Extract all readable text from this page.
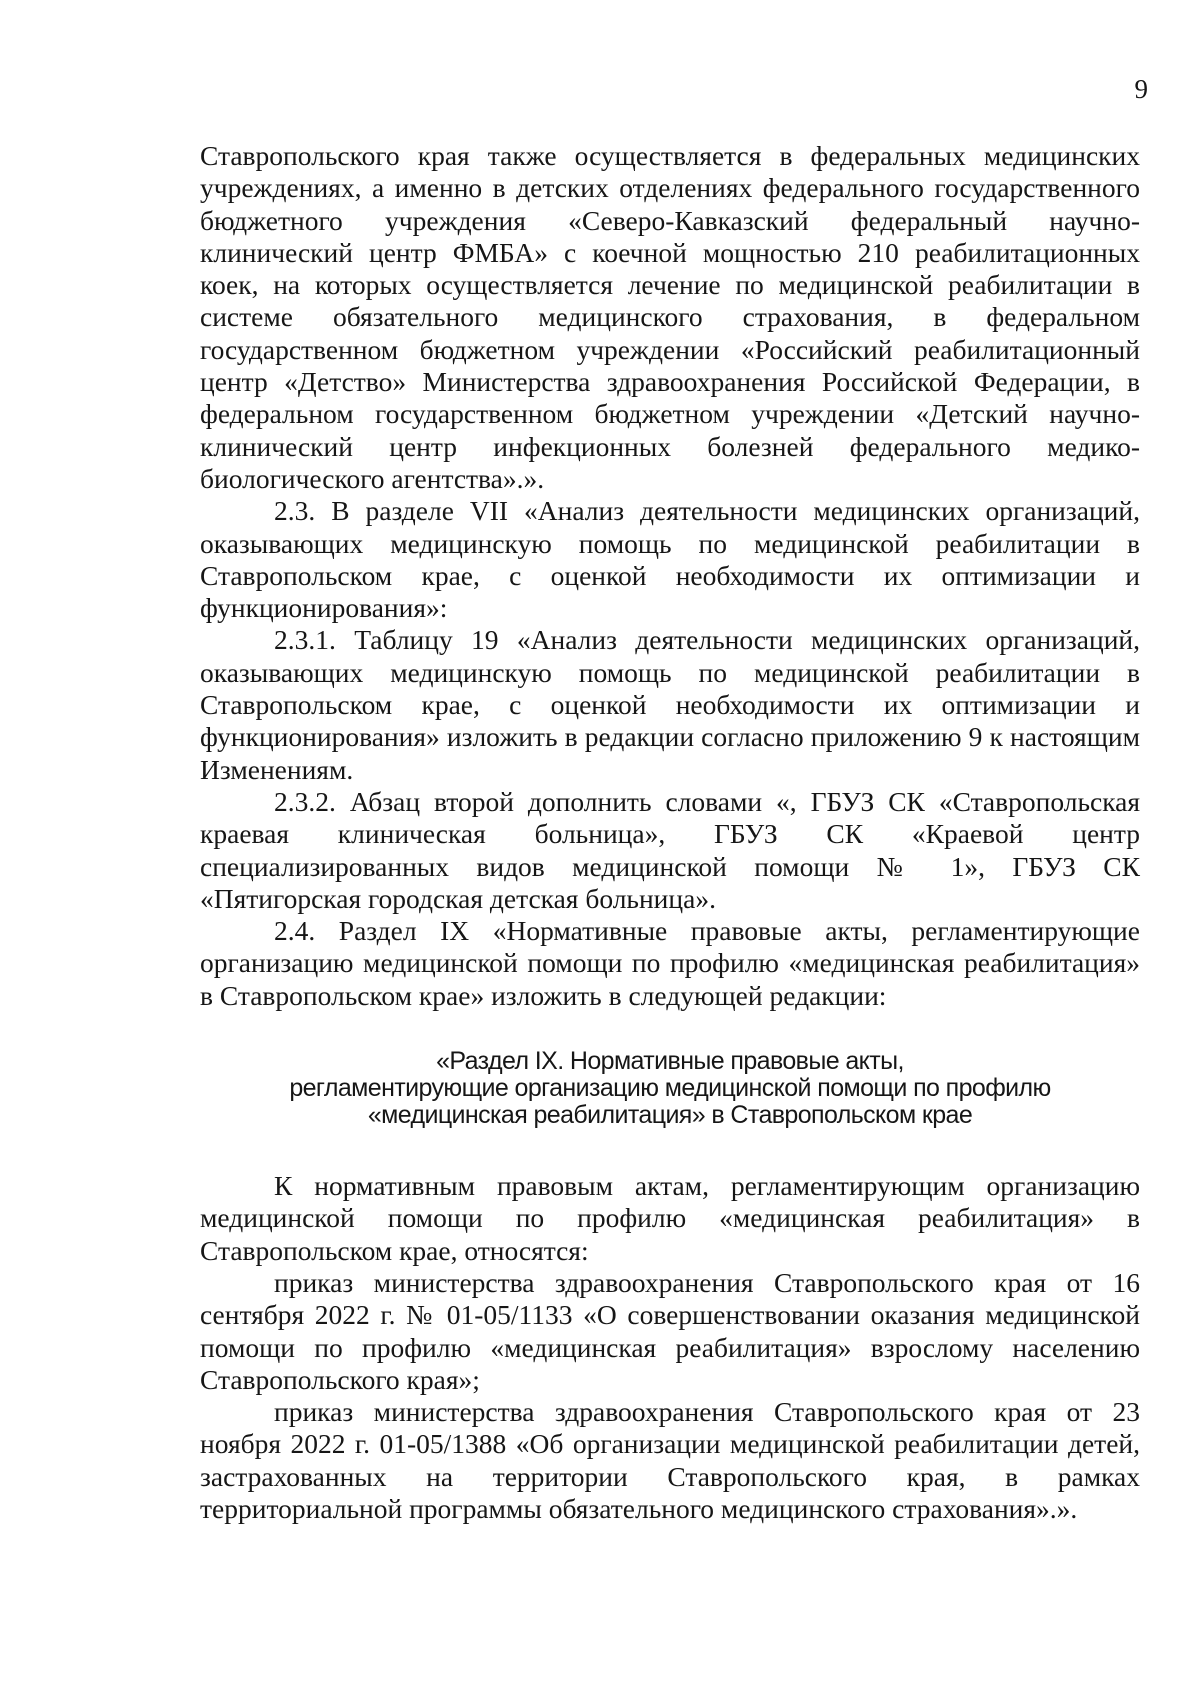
9

Ставропольского края также осуществляется в федеральных медицинских учреждениях, а именно в детских отделениях федерального государственного бюджетного учреждения «Северо-Кавказский федеральный научно-клинический центр ФМБА» с коечной мощностью 210 реабилитационных коек, на которых осуществляется лечение по медицинской реабилитации в системе обязательного медицинского страхования, в федеральном государственном бюджетном учреждении «Российский реабилитационный центр «Детство» Министерства здравоохранения Российской Федерации, в федеральном государственном бюджетном учреждении «Детский научно-клинический центр инфекционных болезней федерального медико-биологического агентства».».

2.3. В разделе VII «Анализ деятельности медицинских организаций, оказывающих медицинскую помощь по медицинской реабилитации в Ставропольском крае, с оценкой необходимости их оптимизации и функционирования»:

2.3.1. Таблицу 19 «Анализ деятельности медицинских организаций, оказывающих медицинскую помощь по медицинской реабилитации в Ставропольском крае, с оценкой необходимости их оптимизации и функционирования» изложить в редакции согласно приложению 9 к настоящим Изменениям.

2.3.2. Абзац второй дополнить словами «, ГБУЗ СК «Ставропольская краевая клиническая больница», ГБУЗ СК «Краевой центр специализированных видов медицинской помощи № 1», ГБУЗ СК «Пятигорская городская детская больница».

2.4. Раздел IX «Нормативные правовые акты, регламентирующие организацию медицинской помощи по профилю «медицинская реабилитация» в Ставропольском крае» изложить в следующей редакции:

«Раздел IX. Нормативные правовые акты,
регламентирующие организацию медицинской помощи по профилю
«медицинская реабилитация» в Ставропольском крае

К нормативным правовым актам, регламентирующим организацию медицинской помощи по профилю «медицинская реабилитация» в Ставропольском крае, относятся:

приказ министерства здравоохранения Ставропольского края от 16 сентября 2022 г. № 01-05/1133 «О совершенствовании оказания медицинской помощи по профилю «медицинская реабилитация» взрослому населению Ставропольского края»;

приказ министерства здравоохранения Ставропольского края от 23 ноября 2022 г. 01-05/1388 «Об организации медицинской реабилитации детей, застрахованных на территории Ставропольского края, в рамках территориальной программы обязательного медицинского страхования».».
